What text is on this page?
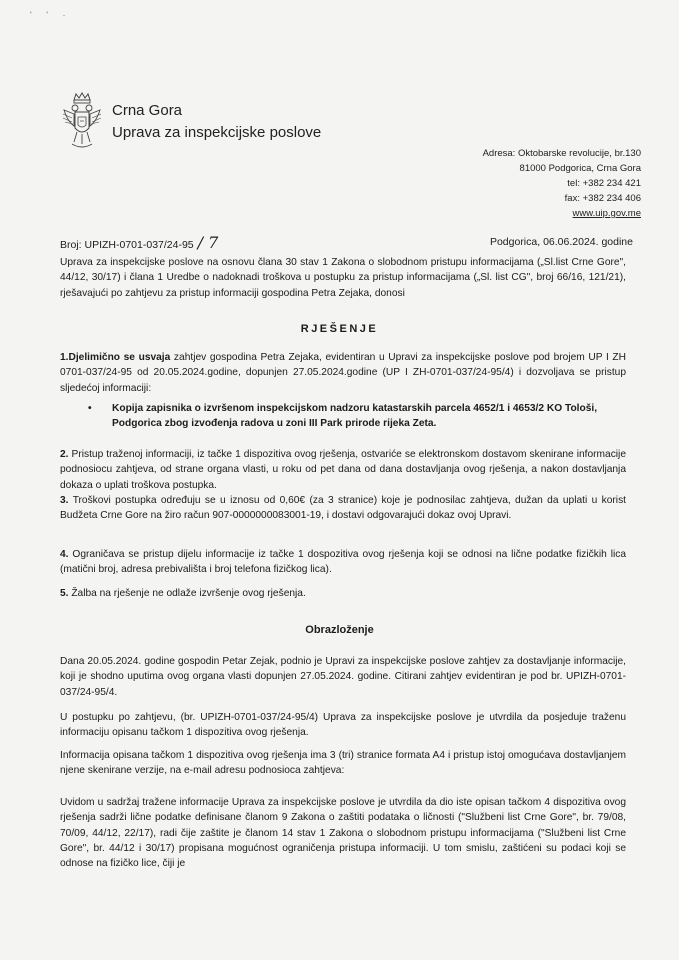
' ' ·
Crna Gora
Uprava za inspekcijske poslove
Adresa: Oktobarske revolucije, br.130
81000 Podgorica, Crna Gora
tel: +382 234 421
fax: +382 234 406
www.uip.gov.me
Broj: UPIZH-0701-037/24-95 / 7	Podgorica, 06.06.2024. godine
Uprava za inspekcijske poslove na osnovu člana 30 stav 1 Zakona o slobodnom pristupu informacijama („Sl.list Crne Gore", 44/12, 30/17) i člana 1 Uredbe o nadoknadi troškova u postupku za pristup informacijama („Sl. list CG", broj 66/16, 121/21), rješavajući po zahtjevu za pristup informaciji gospodina Petra Zejaka, donosi
RJEŠENJE
1.Djelimično se usvaja zahtjev gospodina Petra Zejaka, evidentiran u Upravi za inspekcijske poslove pod brojem UP I ZH 0701-037/24-95 od 20.05.2024.godine, dopunjen 27.05.2024.godine (UP I ZH-0701-037/24-95/4) i dozvoljava se pristup sljedećoj informaciji:
•	Kopija zapisnika o izvršenom inspekcijskom nadzoru katastarskih parcela 4652/1 i 4653/2 KO Tološi, Podgorica zbog izvođenja radova u zoni III Park prirode rijeka Zeta.
2. Pristup traženoj informaciji, iz tačke 1 dispozitiva ovog rješenja, ostvariće se elektronskom dostavom skenirane informacije podnosiocu zahtjeva, od strane organa vlasti, u roku od pet dana od dana dostavljanja ovog rješenja, a nakon dostavljanja dokaza o uplati troškova postupka.
3. Troškovi postupka određuju se u iznosu od 0,60€ (za 3 stranice) koje je podnosilac zahtjeva, dužan da uplati u korist Budžeta Crne Gore na žiro račun 907-0000000083001-19, i dostavi odgovarajući dokaz ovoj Upravi.
4. Ograničava se pristup dijelu informacije iz tačke 1 dospozitiva ovog rješenja koji se odnosi na lične podatke fizičkih lica (matični broj, adresa prebivališta i broj telefona fizičkog lica).
5. Žalba na rješenje ne odlaže izvršenje ovog rješenja.
Obrazloženje
Dana 20.05.2024. godine gospodin Petar Zejak, podnio je Upravi za inspekcijske poslove zahtjev za dostavljanje informacije, koji je shodno uputima ovog organa vlasti dopunjen 27.05.2024. godine. Citirani zahtjev evidentiran je pod br. UPIZH-0701-037/24-95/4.
U postupku po zahtjevu, (br. UPIZH-0701-037/24-95/4) Uprava za inspekcijske poslove je utvrdila da posjeduje traženu informaciju opisanu tačkom 1 dispozitiva ovog rješenja.
Informacija opisana tačkom 1 dispozitiva ovog rješenja ima 3 (tri) stranice formata A4 i pristup istoj omogućava dostavljanjem njene skenirane verzije, na e-mail adresu podnosioca zahtjeva:
Uvidom u sadržaj tražene informacije Uprava za inspekcijske poslove je utvrdila da dio iste opisan tačkom 4 dispozitiva ovog rješenja sadrži lične podatke definisane članom 9 Zakona o zaštiti podataka o ličnosti ("Službeni list Crne Gore", br. 79/08, 70/09, 44/12, 22/17), radi čije zaštite je članom 14 stav 1 Zakona o slobodnom pristupu informacijama ("Službeni list Crne Gore", br. 44/12 i 30/17) propisana mogućnost ograničenja pristupa informaciji. U tom smislu, zaštićeni su podaci koji se odnose na fizičko lice, čiji je
